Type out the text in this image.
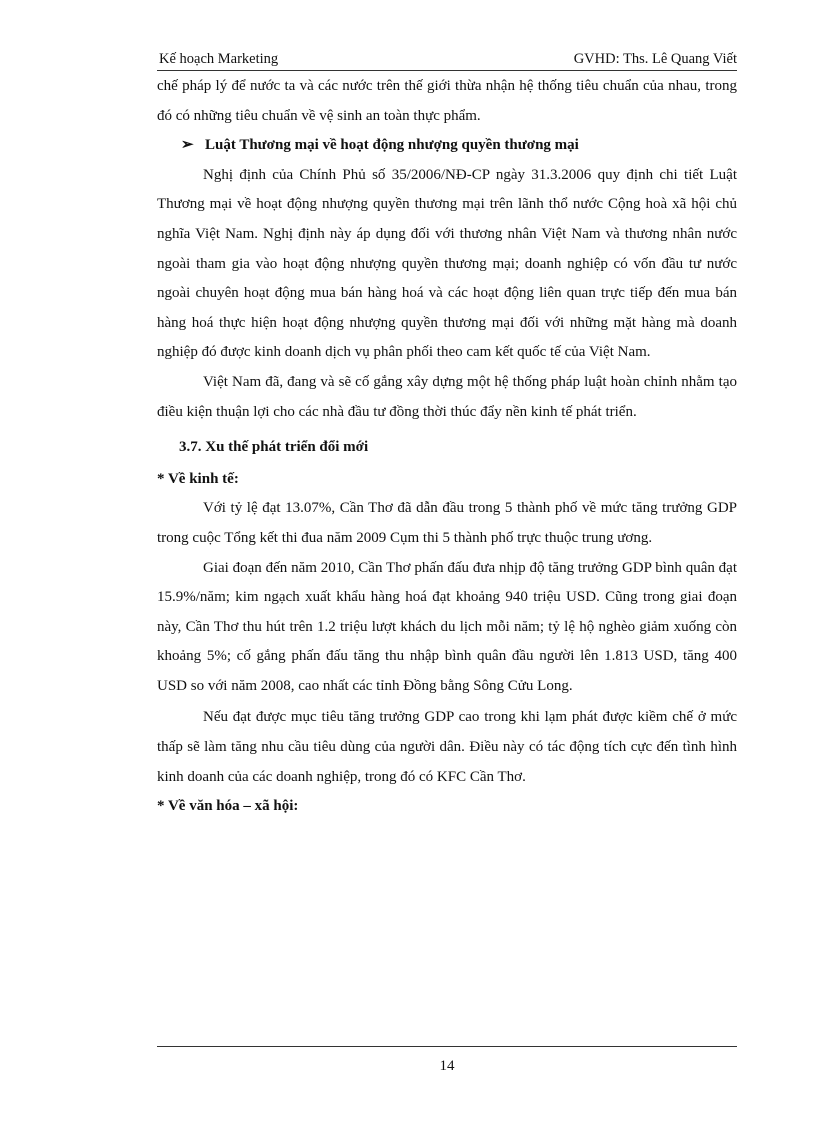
Kế hoạch Marketing	GVHD: Ths. Lê Quang Viết

chế pháp lý để nước ta và các nước trên thế giới thừa nhận hệ thống tiêu chuẩn của nhau, trong đó có những tiêu chuẩn về vệ sinh an toàn thực phẩm.

➢ Luật Thương mại về hoạt động nhượng quyền thương mại

Nghị định của Chính Phủ số 35/2006/NĐ-CP ngày 31.3.2006 quy định chi tiết Luật Thương mại về hoạt động nhượng quyền thương mại trên lãnh thổ nước Cộng hoà xã hội chủ nghĩa Việt Nam. Nghị định này áp dụng đối với thương nhân Việt Nam và thương nhân nước ngoài tham gia vào hoạt động nhượng quyền thương mại; doanh nghiệp có vốn đầu tư nước ngoài chuyên hoạt động mua bán hàng hoá và các hoạt động liên quan trực tiếp đến mua bán hàng hoá thực hiện hoạt động nhượng quyền thương mại đối với những mặt hàng mà doanh nghiệp đó được kinh doanh dịch vụ phân phối theo cam kết quốc tế của Việt Nam.

Việt Nam đã, đang và sẽ cố gắng xây dựng một hệ thống pháp luật hoàn chỉnh nhằm tạo điều kiện thuận lợi cho các nhà đầu tư đồng thời thúc đẩy nền kinh tế phát triển.

3.7. Xu thế phát triển đổi mới

* Về kinh tế:

Với tỷ lệ đạt 13.07%, Cần Thơ đã dẫn đầu trong 5 thành phố về mức tăng trưởng GDP trong cuộc Tổng kết thi đua năm 2009 Cụm thi 5 thành phố trực thuộc trung ương.

Giai đoạn đến năm 2010, Cần Thơ phấn đấu đưa nhịp độ tăng trưởng GDP bình quân đạt 15.9%/năm; kim ngạch xuất khẩu hàng hoá đạt khoảng 940 triệu USD. Cũng trong giai đoạn này, Cần Thơ thu hút trên 1.2 triệu lượt khách du lịch mỗi năm; tỷ lệ hộ nghèo giảm xuống còn khoảng 5%; cố gắng phấn đấu tăng thu nhập bình quân đầu người lên 1.813 USD, tăng 400 USD so với năm 2008, cao nhất các tỉnh Đồng bằng Sông Cửu Long.

Nếu đạt được mục tiêu tăng trưởng GDP cao trong khi lạm phát được kiềm chế ở mức thấp sẽ làm tăng nhu cầu tiêu dùng của người dân. Điều này có tác động tích cực đến tình hình kinh doanh của các doanh nghiệp, trong đó có KFC Cần Thơ.

* Về văn hóa – xã hội:

14
